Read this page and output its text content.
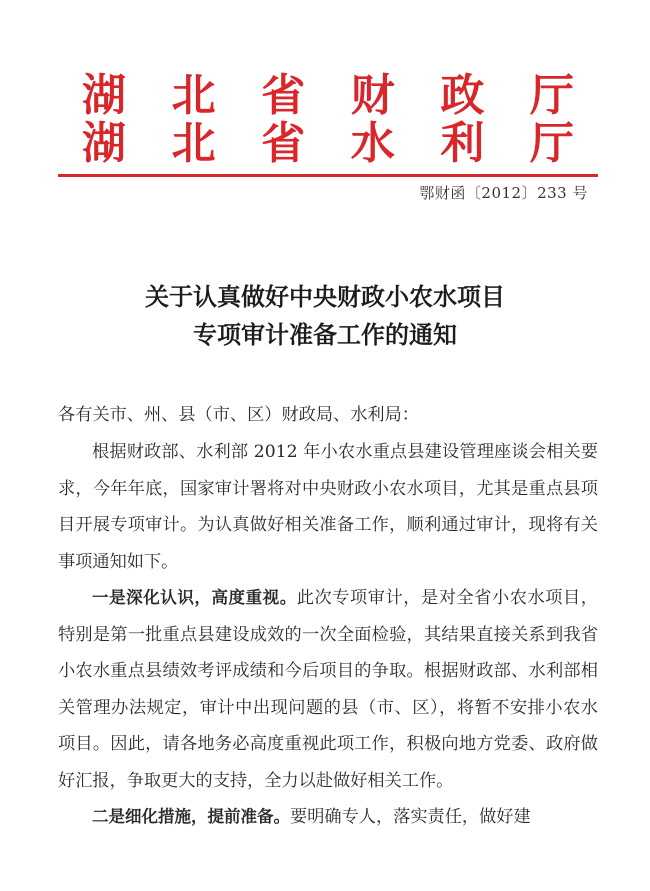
湖 北 省 财 政 厅
湖 北 省 水 利 厅
鄂财函〔2012〕233 号
关于认真做好中央财政小农水项目
专项审计准备工作的通知

各有关市、州、县（市、区）财政局、水利局：

根据财政部、水利部 2012 年小农水重点县建设管理座谈会相关要求，今年年底，国家审计署将对中央财政小农水项目，尤其是重点县项目开展专项审计。为认真做好相关准备工作，顺利通过审计，现将有关事项通知如下。

一是深化认识，高度重视。此次专项审计，是对全省小农水项目，特别是第一批重点县建设成效的一次全面检验，其结果直接关系到我省小农水重点县绩效考评成绩和今后项目的争取。根据财政部、水利部相关管理办法规定，审计中出现问题的县（市、区），将暂不安排小农水项目。因此，请各地务必高度重视此项工作，积极向地方党委、政府做好汇报，争取更大的支持，全力以赴做好相关工作。

二是细化措施，提前准备。要明确专人，落实责任，做好建
